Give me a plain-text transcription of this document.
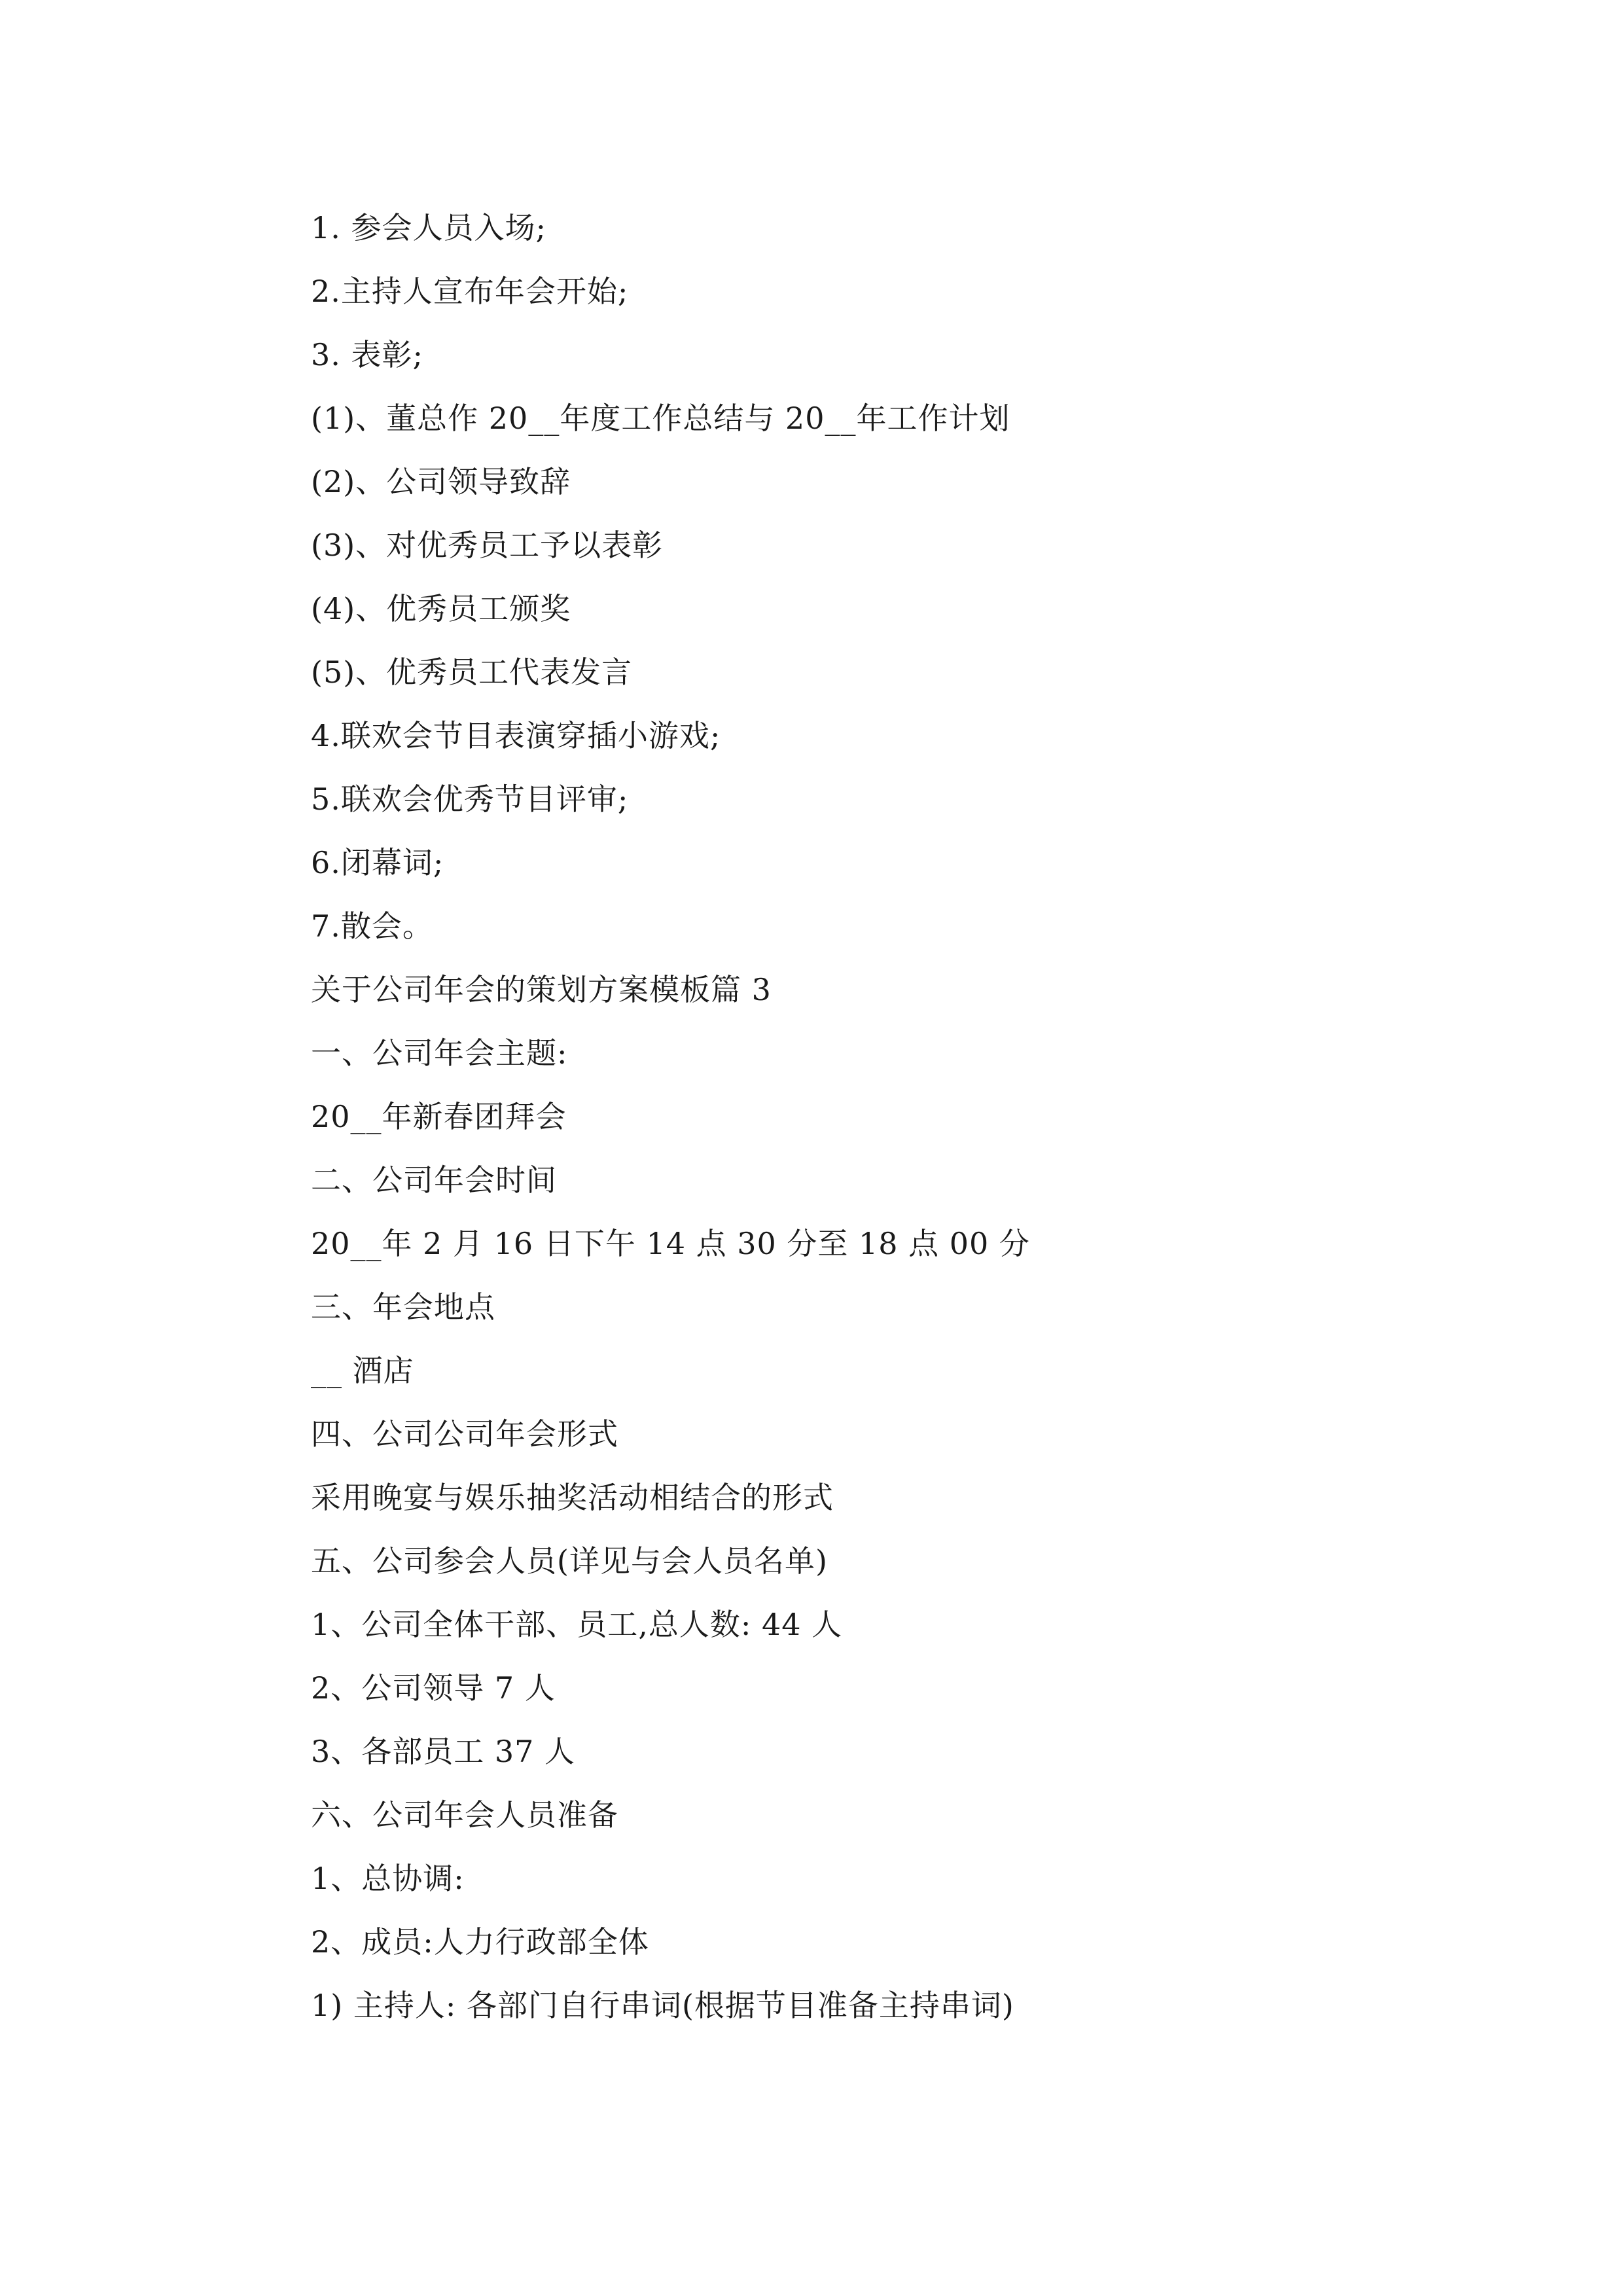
1. 参会人员入场;
2.主持人宣布年会开始;
3. 表彰;
(1)、董总作 20__年度工作总结与 20__年工作计划
(2)、公司领导致辞
(3)、对优秀员工予以表彰
(4)、优秀员工颁奖
(5)、优秀员工代表发言
4.联欢会节目表演穿插小游戏;
5.联欢会优秀节目评审;
6.闭幕词;
7.散会。
关于公司年会的策划方案模板篇 3
一、公司年会主题:
20__年新春团拜会
二、公司年会时间
20__年 2 月 16 日下午 14 点 30 分至 18 点 00 分
三、年会地点
__ 酒店
四、公司公司年会形式
采用晚宴与娱乐抽奖活动相结合的形式
五、公司参会人员(详见与会人员名单)
1、公司全体干部、员工,总人数: 44 人
2、公司领导 7 人
3、各部员工 37 人
六、公司年会人员准备
1、总协调:
2、成员:人力行政部全体
1) 主持人: 各部门自行串词(根据节目准备主持串词)
